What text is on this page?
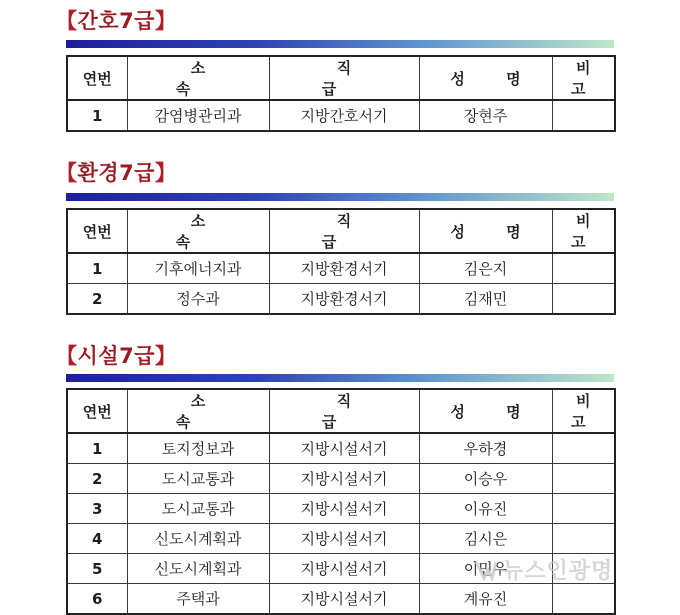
【간호7급】
연번	소 속	직 급	성 명	비 고
1	감염병관리과	지방간호서기	장현주	
【환경7급】
연번	소 속	직 급	성 명	비 고
1	기후에너지과	지방환경서기	김은지	
2	정수과	지방환경서기	김재민	
【시설7급】
연번	소 속	직 급	성 명	비 고
1	토지정보과	지방시설서기	우하경	
2	도시교통과	지방시설서기	이승우	
3	도시교통과	지방시설서기	이유진	
4	신도시계획과	지방시설서기	김시은	
5	신도시계획과	지방시설서기	이민우	
6	주택과	지방시설서기	계유진	
뉴스인광명
